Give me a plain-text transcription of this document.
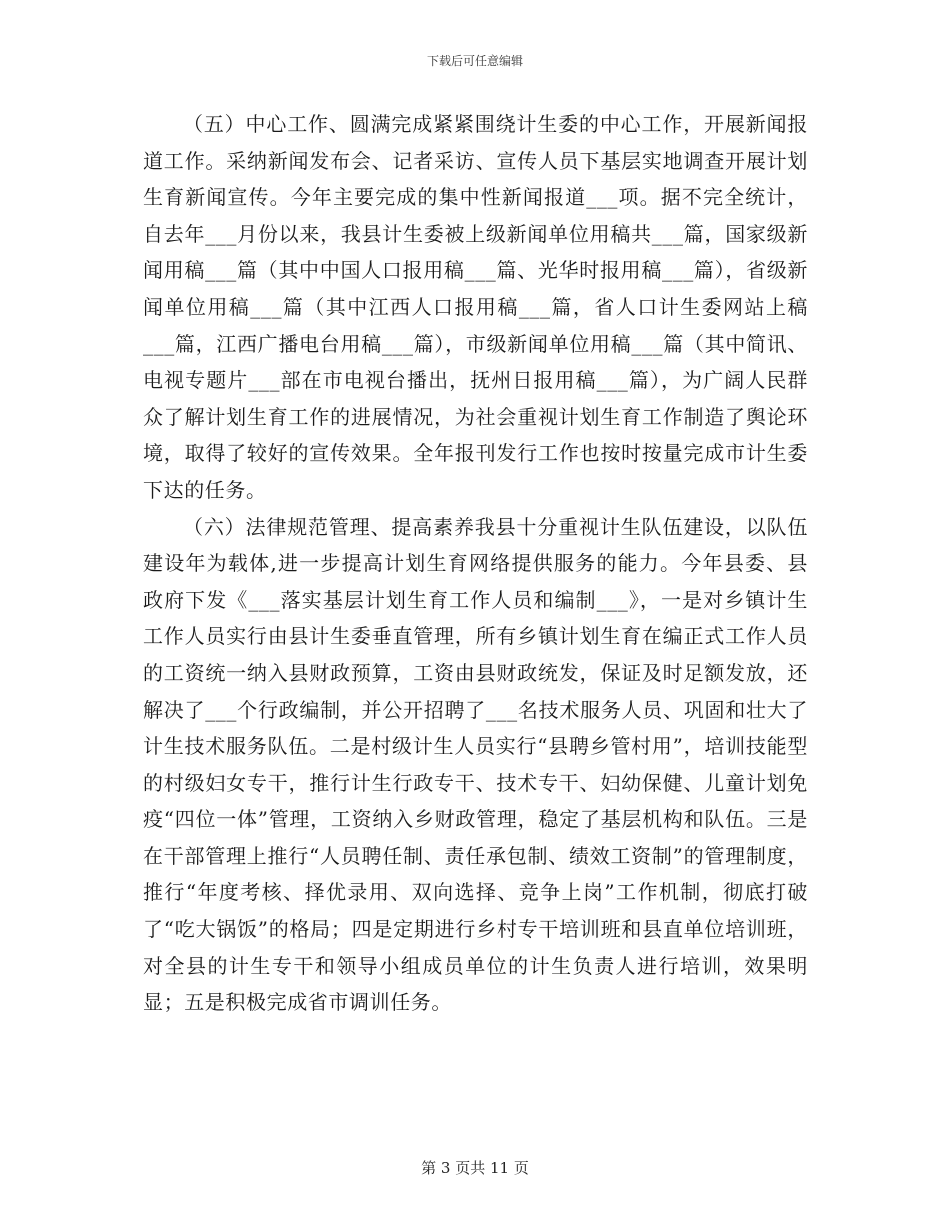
下载后可任意编辑

（五）中心工作、圆满完成紧紧围绕计生委的中心工作，开展新闻报道工作。采纳新闻发布会、记者采访、宣传人员下基层实地调查开展计划生育新闻宣传。今年主要完成的集中性新闻报道___项。据不完全统计，自去年___月份以来，我县计生委被上级新闻单位用稿共___篇，国家级新闻用稿___篇（其中中国人口报用稿___篇、光华时报用稿___篇），省级新闻单位用稿___篇（其中江西人口报用稿___篇，省人口计生委网站上稿___篇，江西广播电台用稿___篇），市级新闻单位用稿___篇（其中简讯、电视专题片___部在市电视台播出，抚州日报用稿___篇），为广阔人民群众了解计划生育工作的进展情况，为社会重视计划生育工作制造了舆论环境，取得了较好的宣传效果。全年报刊发行工作也按时按量完成市计生委下达的任务。

（六）法律规范管理、提高素养我县十分重视计生队伍建设，以队伍建设年为载体,进一步提高计划生育网络提供服务的能力。今年县委、县政府下发《___落实基层计划生育工作人员和编制___》，一是对乡镇计生工作人员实行由县计生委垂直管理，所有乡镇计划生育在编正式工作人员的工资统一纳入县财政预算，工资由县财政统发，保证及时足额发放，还解决了___个行政编制，并公开招聘了___名技术服务人员、巩固和壮大了计生技术服务队伍。二是村级计生人员实行“县聘乡管村用”，培训技能型的村级妇女专干，推行计生行政专干、技术专干、妇幼保健、儿童计划免疫“四位一体”管理，工资纳入乡财政管理，稳定了基层机构和队伍。三是在干部管理上推行“人员聘任制、责任承包制、绩效工资制”的管理制度，推行“年度考核、择优录用、双向选择、竞争上岗”工作机制，彻底打破了“吃大锅饭”的格局；四是定期进行乡村专干培训班和县直单位培训班，对全县的计生专干和领导小组成员单位的计生负责人进行培训，效果明显；五是积极完成省市调训任务。

第 3 页共 11 页
